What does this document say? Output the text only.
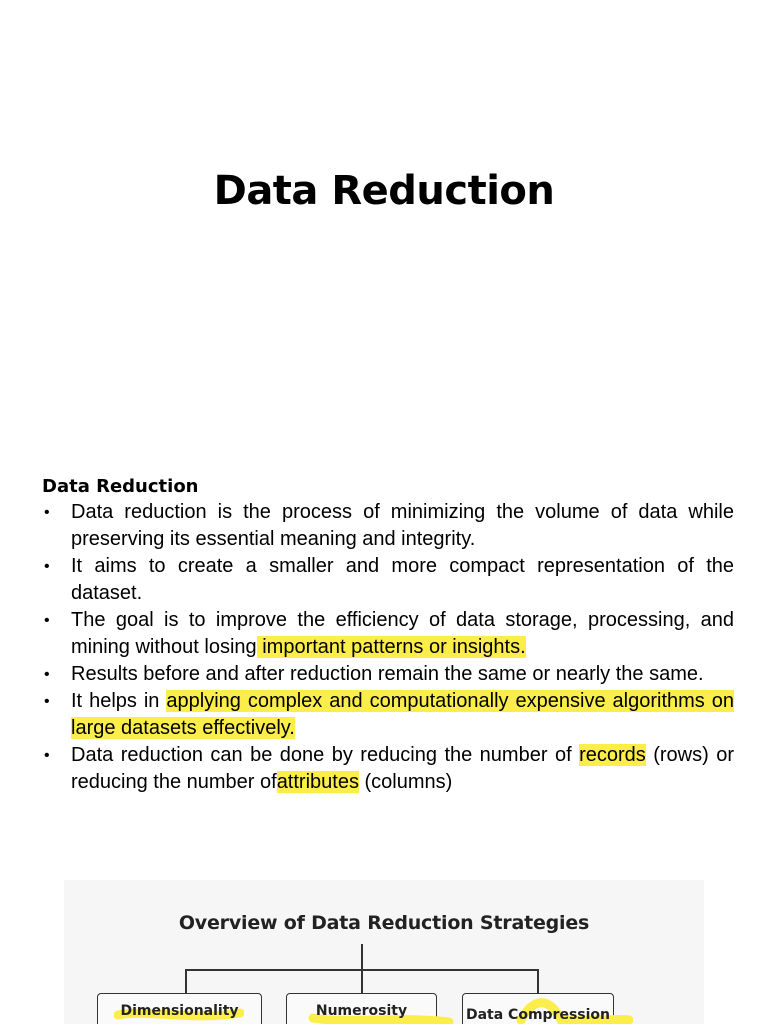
Data Reduction
Data Reduction
• Data reduction is the process of minimizing the volume of data while preserving its essential meaning and integrity.
• It aims to create a smaller and more compact representation of the dataset.
• The goal is to improve the efficiency of data storage, processing, and mining without losing important patterns or insights.
• Results before and after reduction remain the same or nearly the same.
• It helps in applying complex and computationally expensive algorithms on large datasets effectively.
• Data reduction can be done by reducing the number of records (rows) or reducing the number ofattributes (columns)
Overview of Data Reduction Strategies
Dimensionality	Numerosity	Data Compression
